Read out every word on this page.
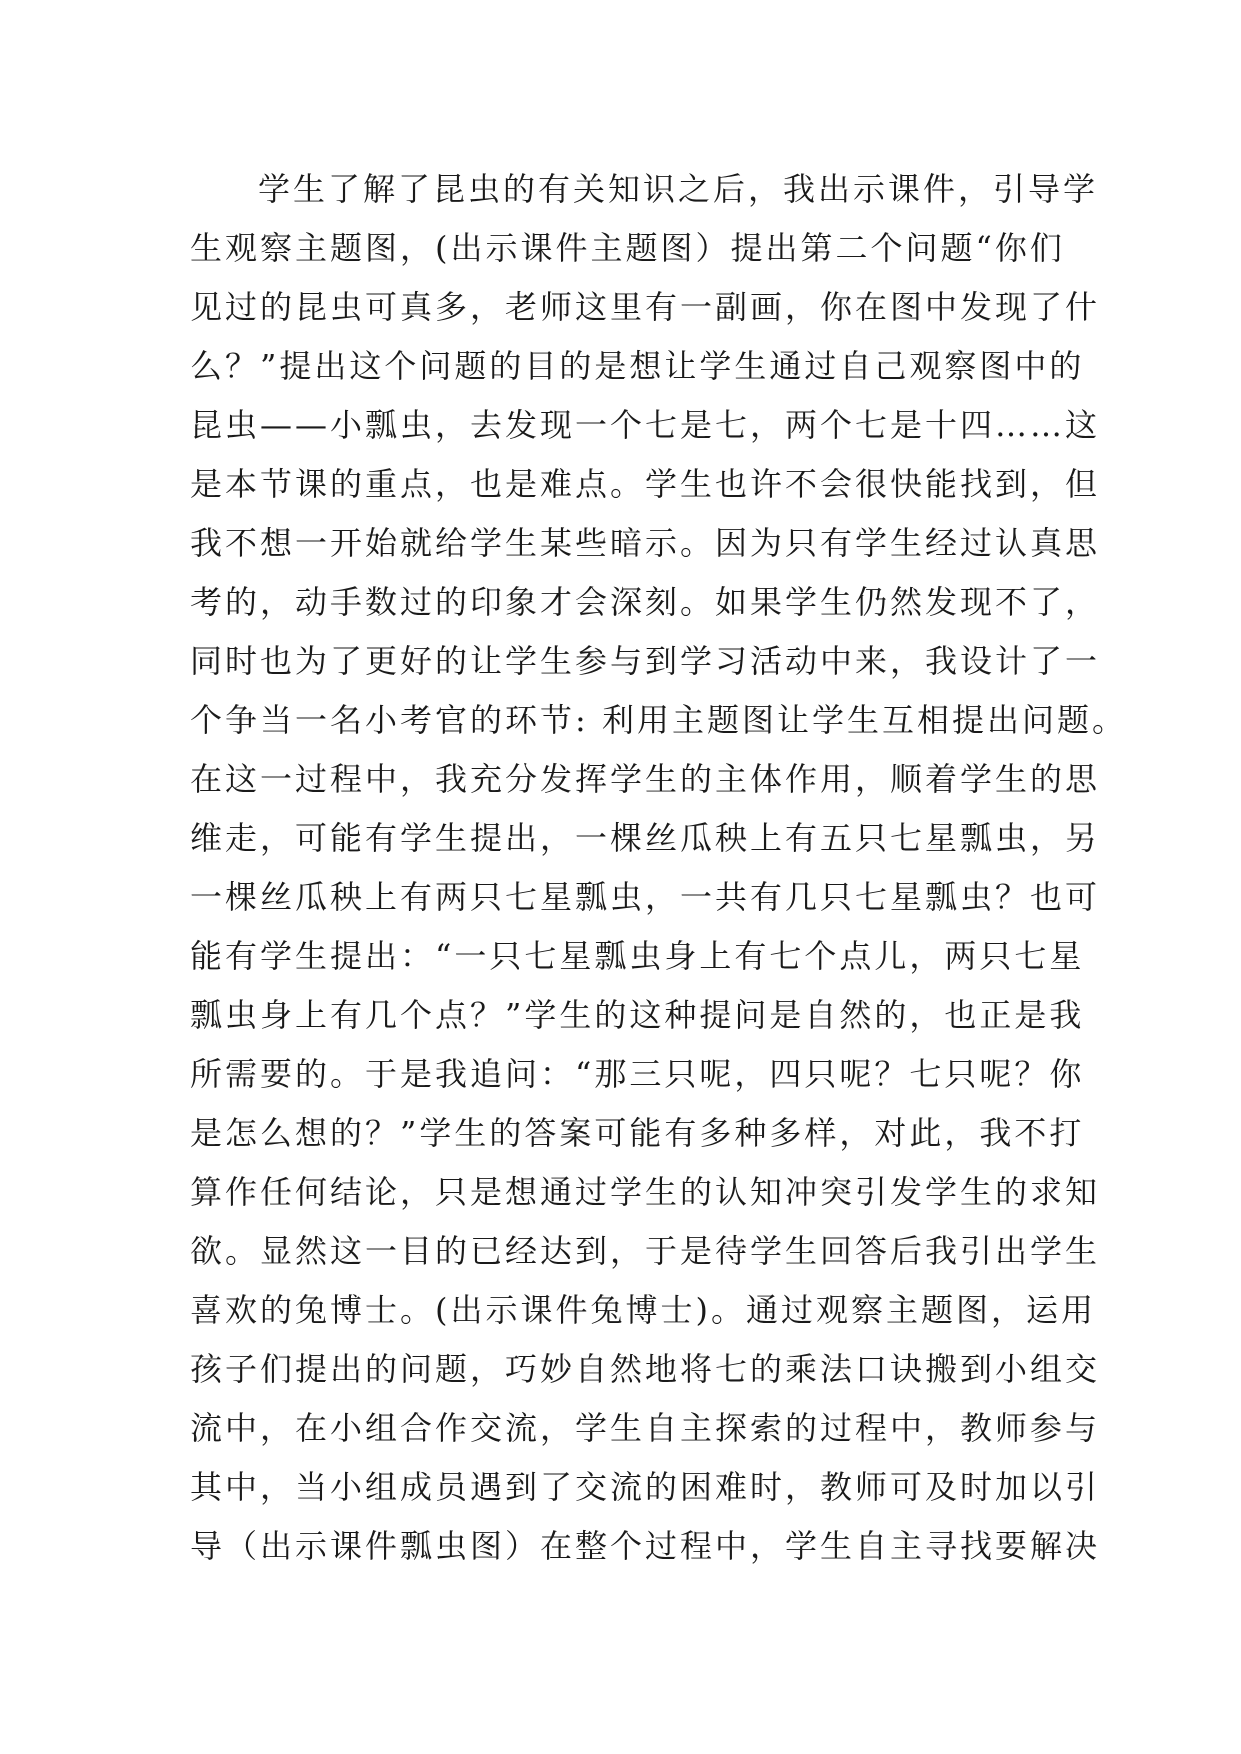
学生了解了昆虫的有关知识之后，我出示课件，引导学
生观察主题图，(出示课件主题图）提出第二个问题“你们
见过的昆虫可真多，老师这里有一副画，你在图中发现了什
么？”提出这个问题的目的是想让学生通过自己观察图中的
昆虫——小瓢虫，去发现一个七是七，两个七是十四……这
是本节课的重点，也是难点。学生也许不会很快能找到，但
我不想一开始就给学生某些暗示。因为只有学生经过认真思
考的，动手数过的印象才会深刻。如果学生仍然发现不了，
同时也为了更好的让学生参与到学习活动中来，我设计了一
个争当一名小考官的环节: 利用主题图让学生互相提出问题。
在这一过程中，我充分发挥学生的主体作用，顺着学生的思
维走，可能有学生提出，一棵丝瓜秧上有五只七星瓢虫，另
一棵丝瓜秧上有两只七星瓢虫，一共有几只七星瓢虫？也可
能有学生提出：“一只七星瓢虫身上有七个点儿，两只七星
瓢虫身上有几个点？”学生的这种提问是自然的，也正是我
所需要的。于是我追问：“那三只呢，四只呢？七只呢？你
是怎么想的？”学生的答案可能有多种多样，对此，我不打
算作任何结论，只是想通过学生的认知冲突引发学生的求知
欲。显然这一目的已经达到，于是待学生回答后我引出学生
喜欢的兔博士。(出示课件兔博士)。通过观察主题图，运用
孩子们提出的问题，巧妙自然地将七的乘法口诀搬到小组交
流中，在小组合作交流，学生自主探索的过程中，教师参与
其中，当小组成员遇到了交流的困难时，教师可及时加以引
导（出示课件瓢虫图）在整个过程中，学生自主寻找要解决
